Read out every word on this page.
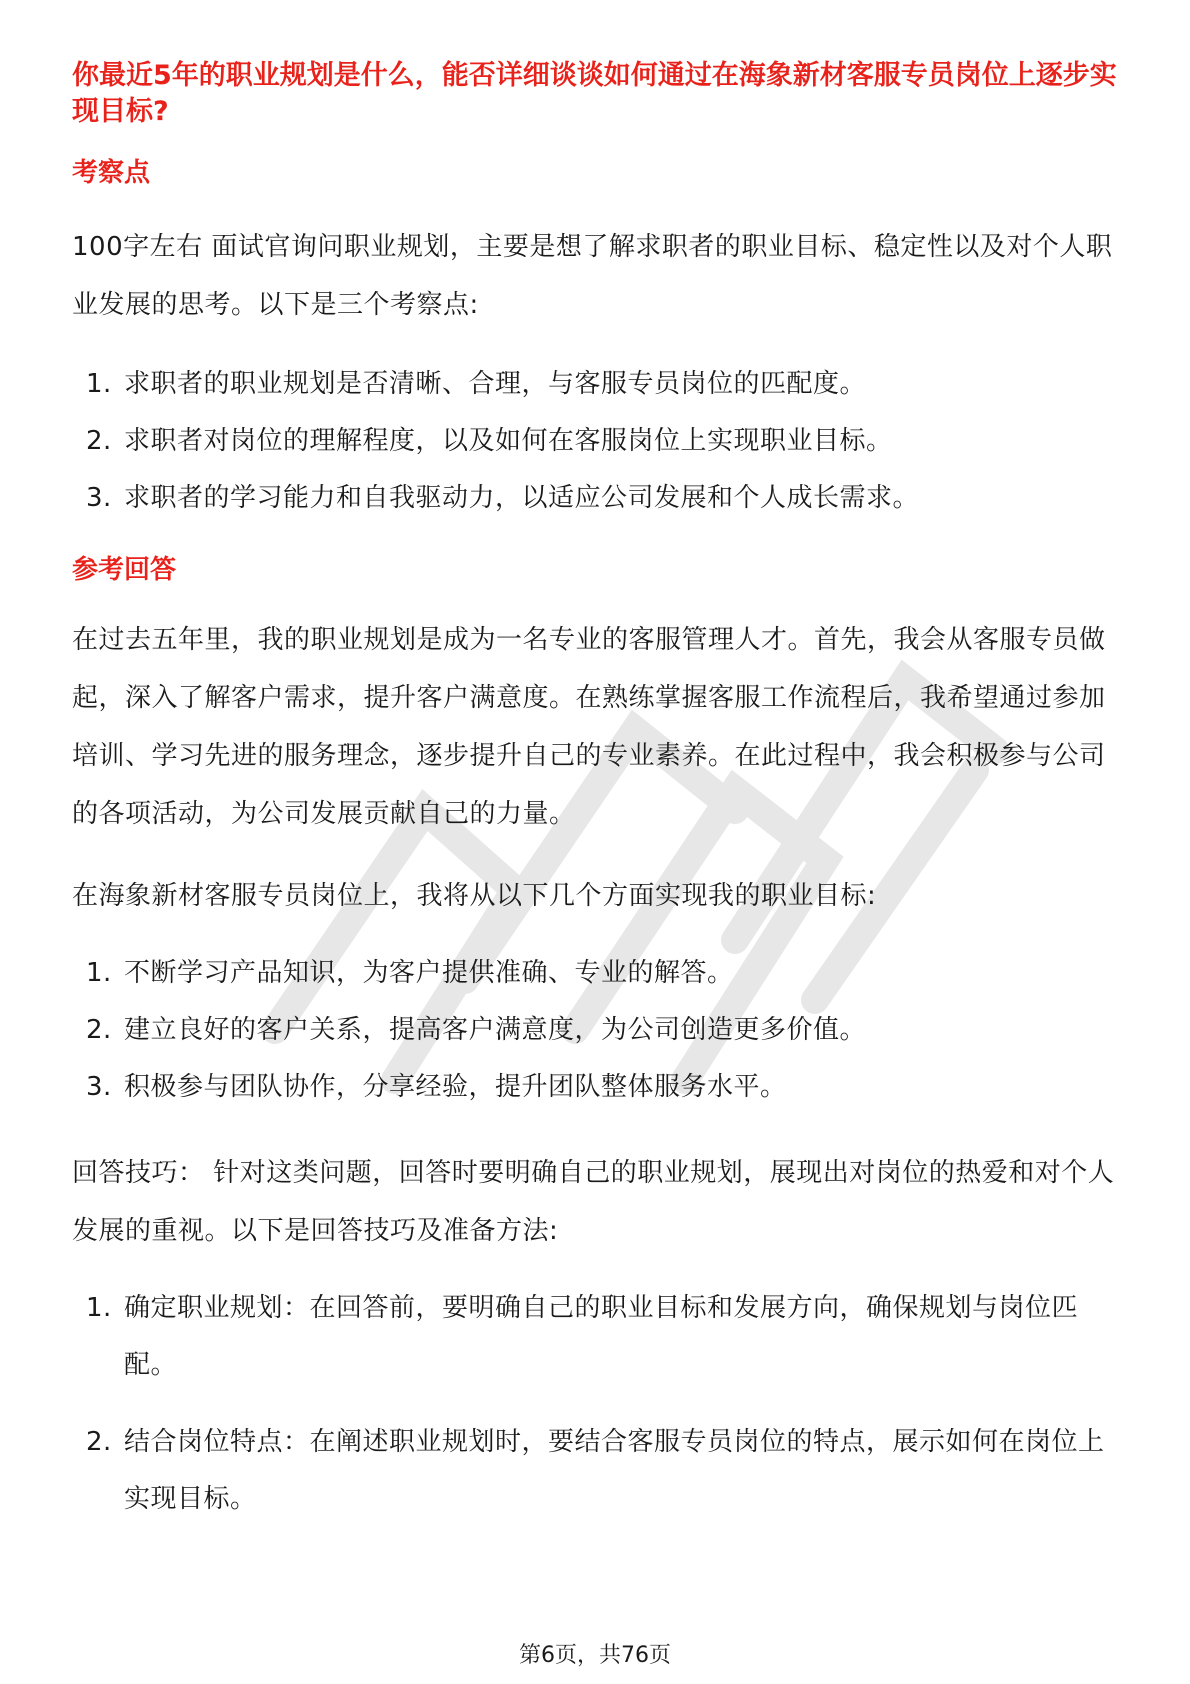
你最近5年的职业规划是什么，能否详细谈谈如何通过在海象新材客服专员岗位上逐步实现目标?

考察点

100字左右 面试官询问职业规划，主要是想了解求职者的职业目标、稳定性以及对个人职业发展的思考。以下是三个考察点:

1. 求职者的职业规划是否清晰、合理，与客服专员岗位的匹配度。
2. 求职者对岗位的理解程度，以及如何在客服岗位上实现职业目标。
3. 求职者的学习能力和自我驱动力，以适应公司发展和个人成长需求。
参考回答

在过去五年里，我的职业规划是成为一名专业的客服管理人才。首先，我会从客服专员做起，深入了解客户需求，提升客户满意度。在熟练掌握客服工作流程后，我希望通过参加培训、学习先进的服务理念，逐步提升自己的专业素养。在此过程中，我会积极参与公司的各项活动，为公司发展贡献自己的力量。

在海象新材客服专员岗位上，我将从以下几个方面实现我的职业目标:

1. 不断学习产品知识，为客户提供准确、专业的解答。
2. 建立良好的客户关系，提高客户满意度，为公司创造更多价值。
3. 积极参与团队协作，分享经验，提升团队整体服务水平。

回答技巧： 针对这类问题，回答时要明确自己的职业规划，展现出对岗位的热爱和对个人发展的重视。以下是回答技巧及准备方法:

1. 确定职业规划：在回答前，要明确自己的职业目标和发展方向，确保规划与岗位匹配。
2. 结合岗位特点：在阐述职业规划时，要结合客服专员岗位的特点，展示如何在岗位上实现目标。
第6页，共76页
